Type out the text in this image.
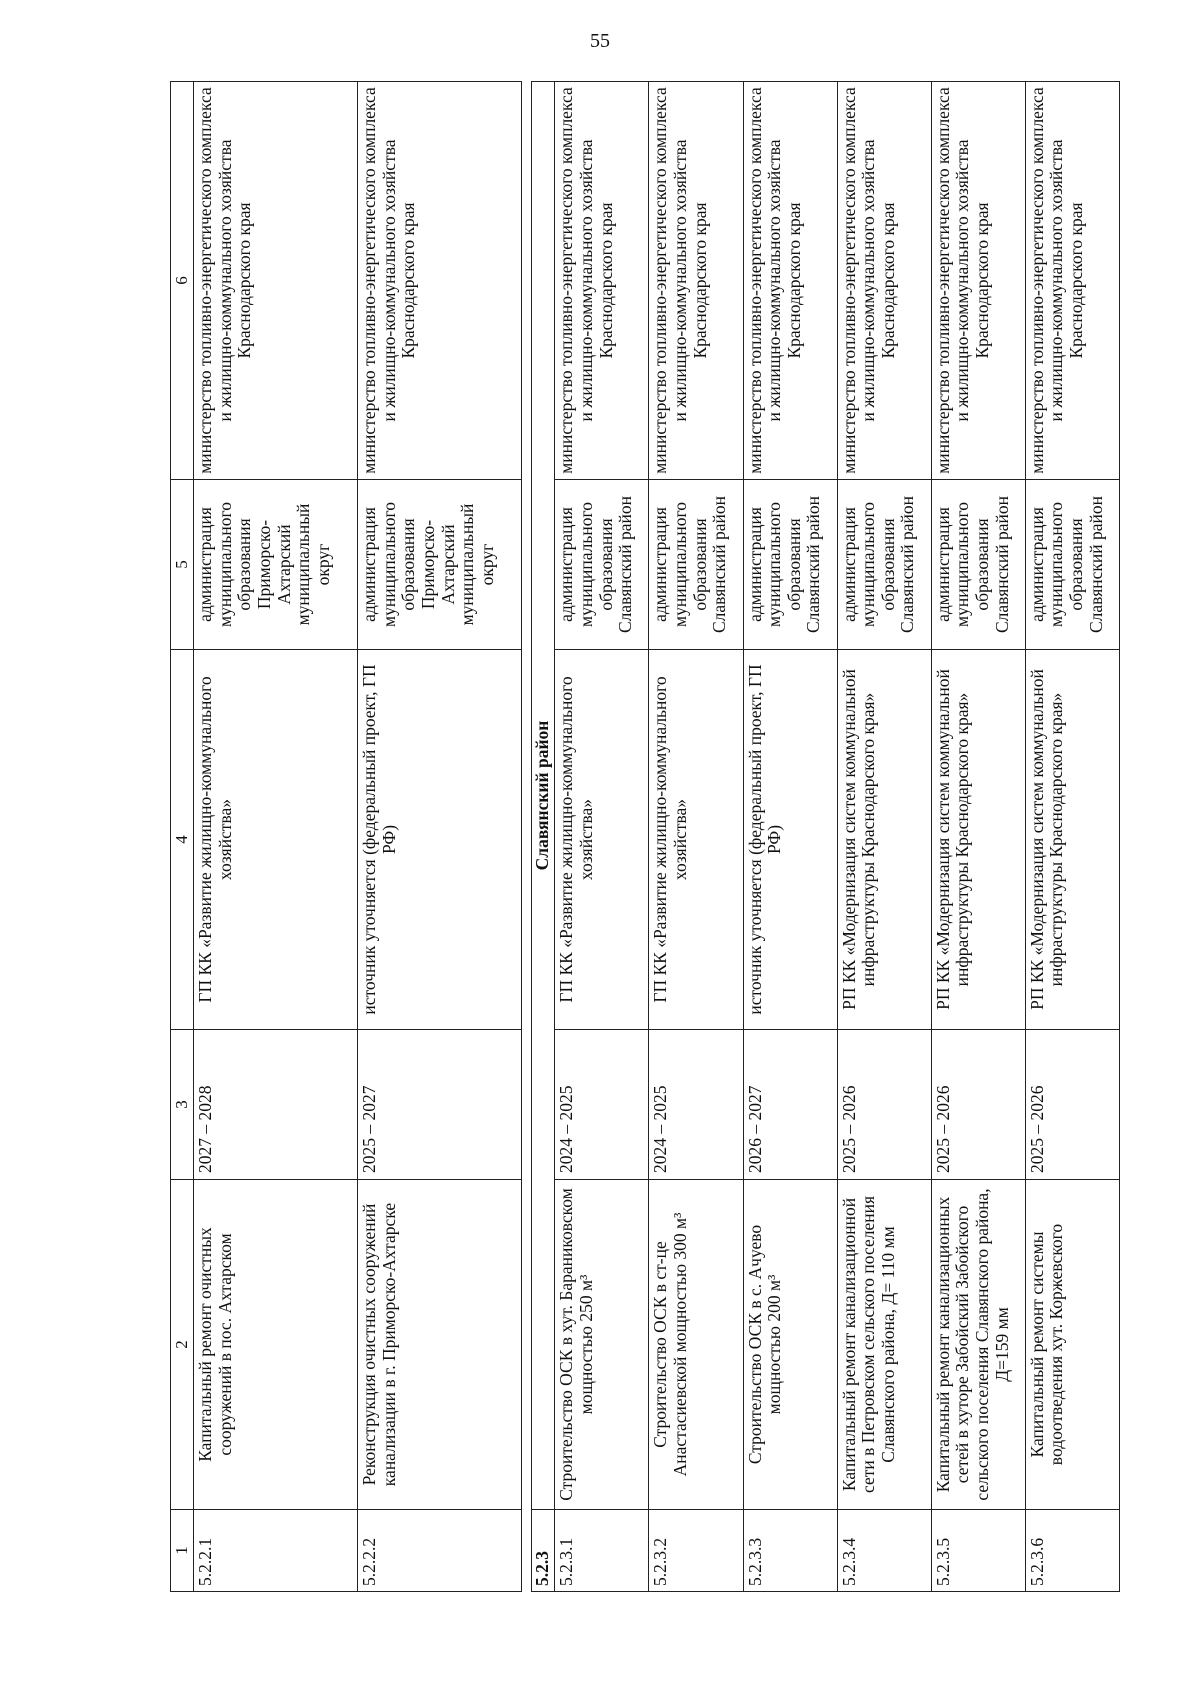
55
1	2	3	4	5	6
5.2.2.1	Капитальный ремонт очистных сооружений в пос. Ахтарском	2027 – 2028	ГП КК «Развитие жилищно-коммунального хозяйства»	администрация муниципального образования Приморско-Ахтарский муниципальный округ	министерство топливно-энергетического комплекса и жилищно-коммунального хозяйства Краснодарского края
5.2.2.2	Реконструкция очистных сооружений канализации в г. Приморско-Ахтарске	2025 – 2027	источник уточняется (федеральный проект, ГП РФ)	администрация муниципального образования Приморско-Ахтарский муниципальный округ	министерство топливно-энергетического комплекса и жилищно-коммунального хозяйства Краснодарского края

5.2.3	Славянский район				
5.2.3.1	Строительство ОСК в хут. Бараниковском мощностью 250 м³	2024 – 2025	ГП КК «Развитие жилищно-коммунального хозяйства»	администрация муниципального образования Славянский район	министерство топливно-энергетического комплекса и жилищно-коммунального хозяйства Краснодарского края
5.2.3.2	Строительство ОСК в ст-це Анастасиевской мощностью 300 м³	2024 – 2025	ГП КК «Развитие жилищно-коммунального хозяйства»	администрация муниципального образования Славянский район	министерство топливно-энергетического комплекса и жилищно-коммунального хозяйства Краснодарского края
5.2.3.3	Строительство ОСК в с. Ачуево мощностью 200 м³	2026 – 2027	источник уточняется (федеральный проект, ГП РФ)	администрация муниципального образования Славянский район	министерство топливно-энергетического комплекса и жилищно-коммунального хозяйства Краснодарского края
5.2.3.4	Капитальный ремонт канализационной сети в Петровском сельского поселения Славянского района, Д= 110 мм	2025 – 2026	РП КК «Модернизация систем коммунальной инфраструктуры Краснодарского края»	администрация муниципального образования Славянский район	министерство топливно-энергетического комплекса и жилищно-коммунального хозяйства Краснодарского края
5.2.3.5	Капитальный ремонт канализационных сетей в хуторе Забойский Забойского сельского поселения Славянского района, Д=159 мм	2025 – 2026	РП КК «Модернизация систем коммунальной инфраструктуры Краснодарского края»	администрация муниципального образования Славянский район	министерство топливно-энергетического комплекса и жилищно-коммунального хозяйства Краснодарского края
5.2.3.6	Капитальный ремонт системы водоотведения хут. Коржевского	2025 – 2026	РП КК «Модернизация систем коммунальной инфраструктуры Краснодарского края»	администрация муниципального образования Славянский район	министерство топливно-энергетического комплекса и жилищно-коммунального хозяйства Краснодарского края
